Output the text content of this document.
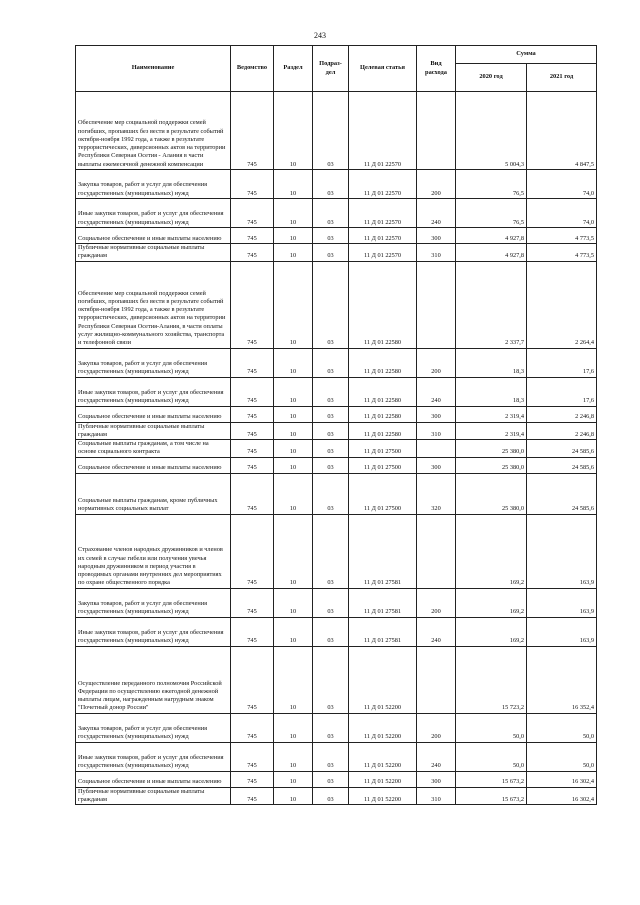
243
Наименование	Ведомство	Раздел	Подраз-дел	Целевая статья	Вид расхода	Сумма	
						2020 год	2021 год
Обеспечение мер социальной поддержки семей погибших, пропавших без вести в результате событий октября-ноября 1992 года, а также в результате террористических, диверсионных актов на территории Республики Северная Осетия - Алания в части выплаты ежемесячной денежной компенсации	745	10	03	11 Д 01 22570		5 004,3	4 847,5
Закупка товаров, работ и услуг для обеспечения государственных (муниципальных) нужд	745	10	03	11 Д 01 22570	200	76,5	74,0
Иные закупки товаров, работ и услуг для обеспечения государственных (муниципальных) нужд	745	10	03	11 Д 01 22570	240	76,5	74,0
Социальное обеспечение и иные выплаты населению	745	10	03	11 Д 01 22570	300	4 927,8	4 773,5
Публичные нормативные социальные выплаты гражданам	745	10	03	11 Д 01 22570	310	4 927,8	4 773,5
Обеспечение мер социальной поддержки семей погибших, пропавших без вести в результате событий октября-ноября 1992 года, а также в результате террористических, диверсионных актов на территории Республики Северная Осетия-Алания, в части оплаты услуг жилищно-коммунального хозяйства, транспорта и телефонной связи	745	10	03	11 Д 01 22580		2 337,7	2 264,4
Закупка товаров, работ и услуг для обеспечения государственных (муниципальных) нужд	745	10	03	11 Д 01 22580	200	18,3	17,6
Иные закупки товаров, работ и услуг для обеспечения государственных (муниципальных) нужд	745	10	03	11 Д 01 22580	240	18,3	17,6
Социальное обеспечение и иные выплаты населению	745	10	03	11 Д 01 22580	300	2 319,4	2 246,8
Публичные нормативные социальные выплаты гражданам	745	10	03	11 Д 01 22580	310	2 319,4	2 246,8
Социальные выплаты гражданам, а том числе на основе социального контракта	745	10	03	11 Д 01 27500		25 380,0	24 585,6
Социальное обеспечение и иные выплаты населению	745	10	03	11 Д 01 27500	300	25 380,0	24 585,6
Социальные выплаты гражданам, кроме публичных нормативных социальных выплат	745	10	03	11 Д 01 27500	320	25 380,0	24 585,6
Страхование членов народных дружинников и членов их семей в случае гибели или получения увечья народным дружинником в период участия в проводимых органами внутренних дел мероприятиях по охране общественного порядка	745	10	03	11 Д 01 27581		169,2	163,9
Закупка товаров, работ и услуг для обеспечения государственных (муниципальных) нужд	745	10	03	11 Д 01 27581	200	169,2	163,9
Иные закупки товаров, работ и услуг для обеспечения государственных (муниципальных) нужд	745	10	03	11 Д 01 27581	240	169,2	163,9
Осуществление переданного полномочия Российской Федерации по осуществлению ежегодной денежной выплаты лицам, награжденным нагрудным знаком "Почетный донор России"	745	10	03	11 Д 01 52200		15 723,2	16 352,4
Закупка товаров, работ и услуг для обеспечения государственных (муниципальных) нужд	745	10	03	11 Д 01 52200	200	50,0	50,0
Иные закупки товаров, работ и услуг для обеспечения государственных (муниципальных) нужд	745	10	03	11 Д 01 52200	240	50,0	50,0
Социальное обеспечение и иные выплаты населению	745	10	03	11 Д 01 52200	300	15 673,2	16 302,4
Публичные нормативные социальные выплаты гражданам	745	10	03	11 Д 01 52200	310	15 673,2	16 302,4
